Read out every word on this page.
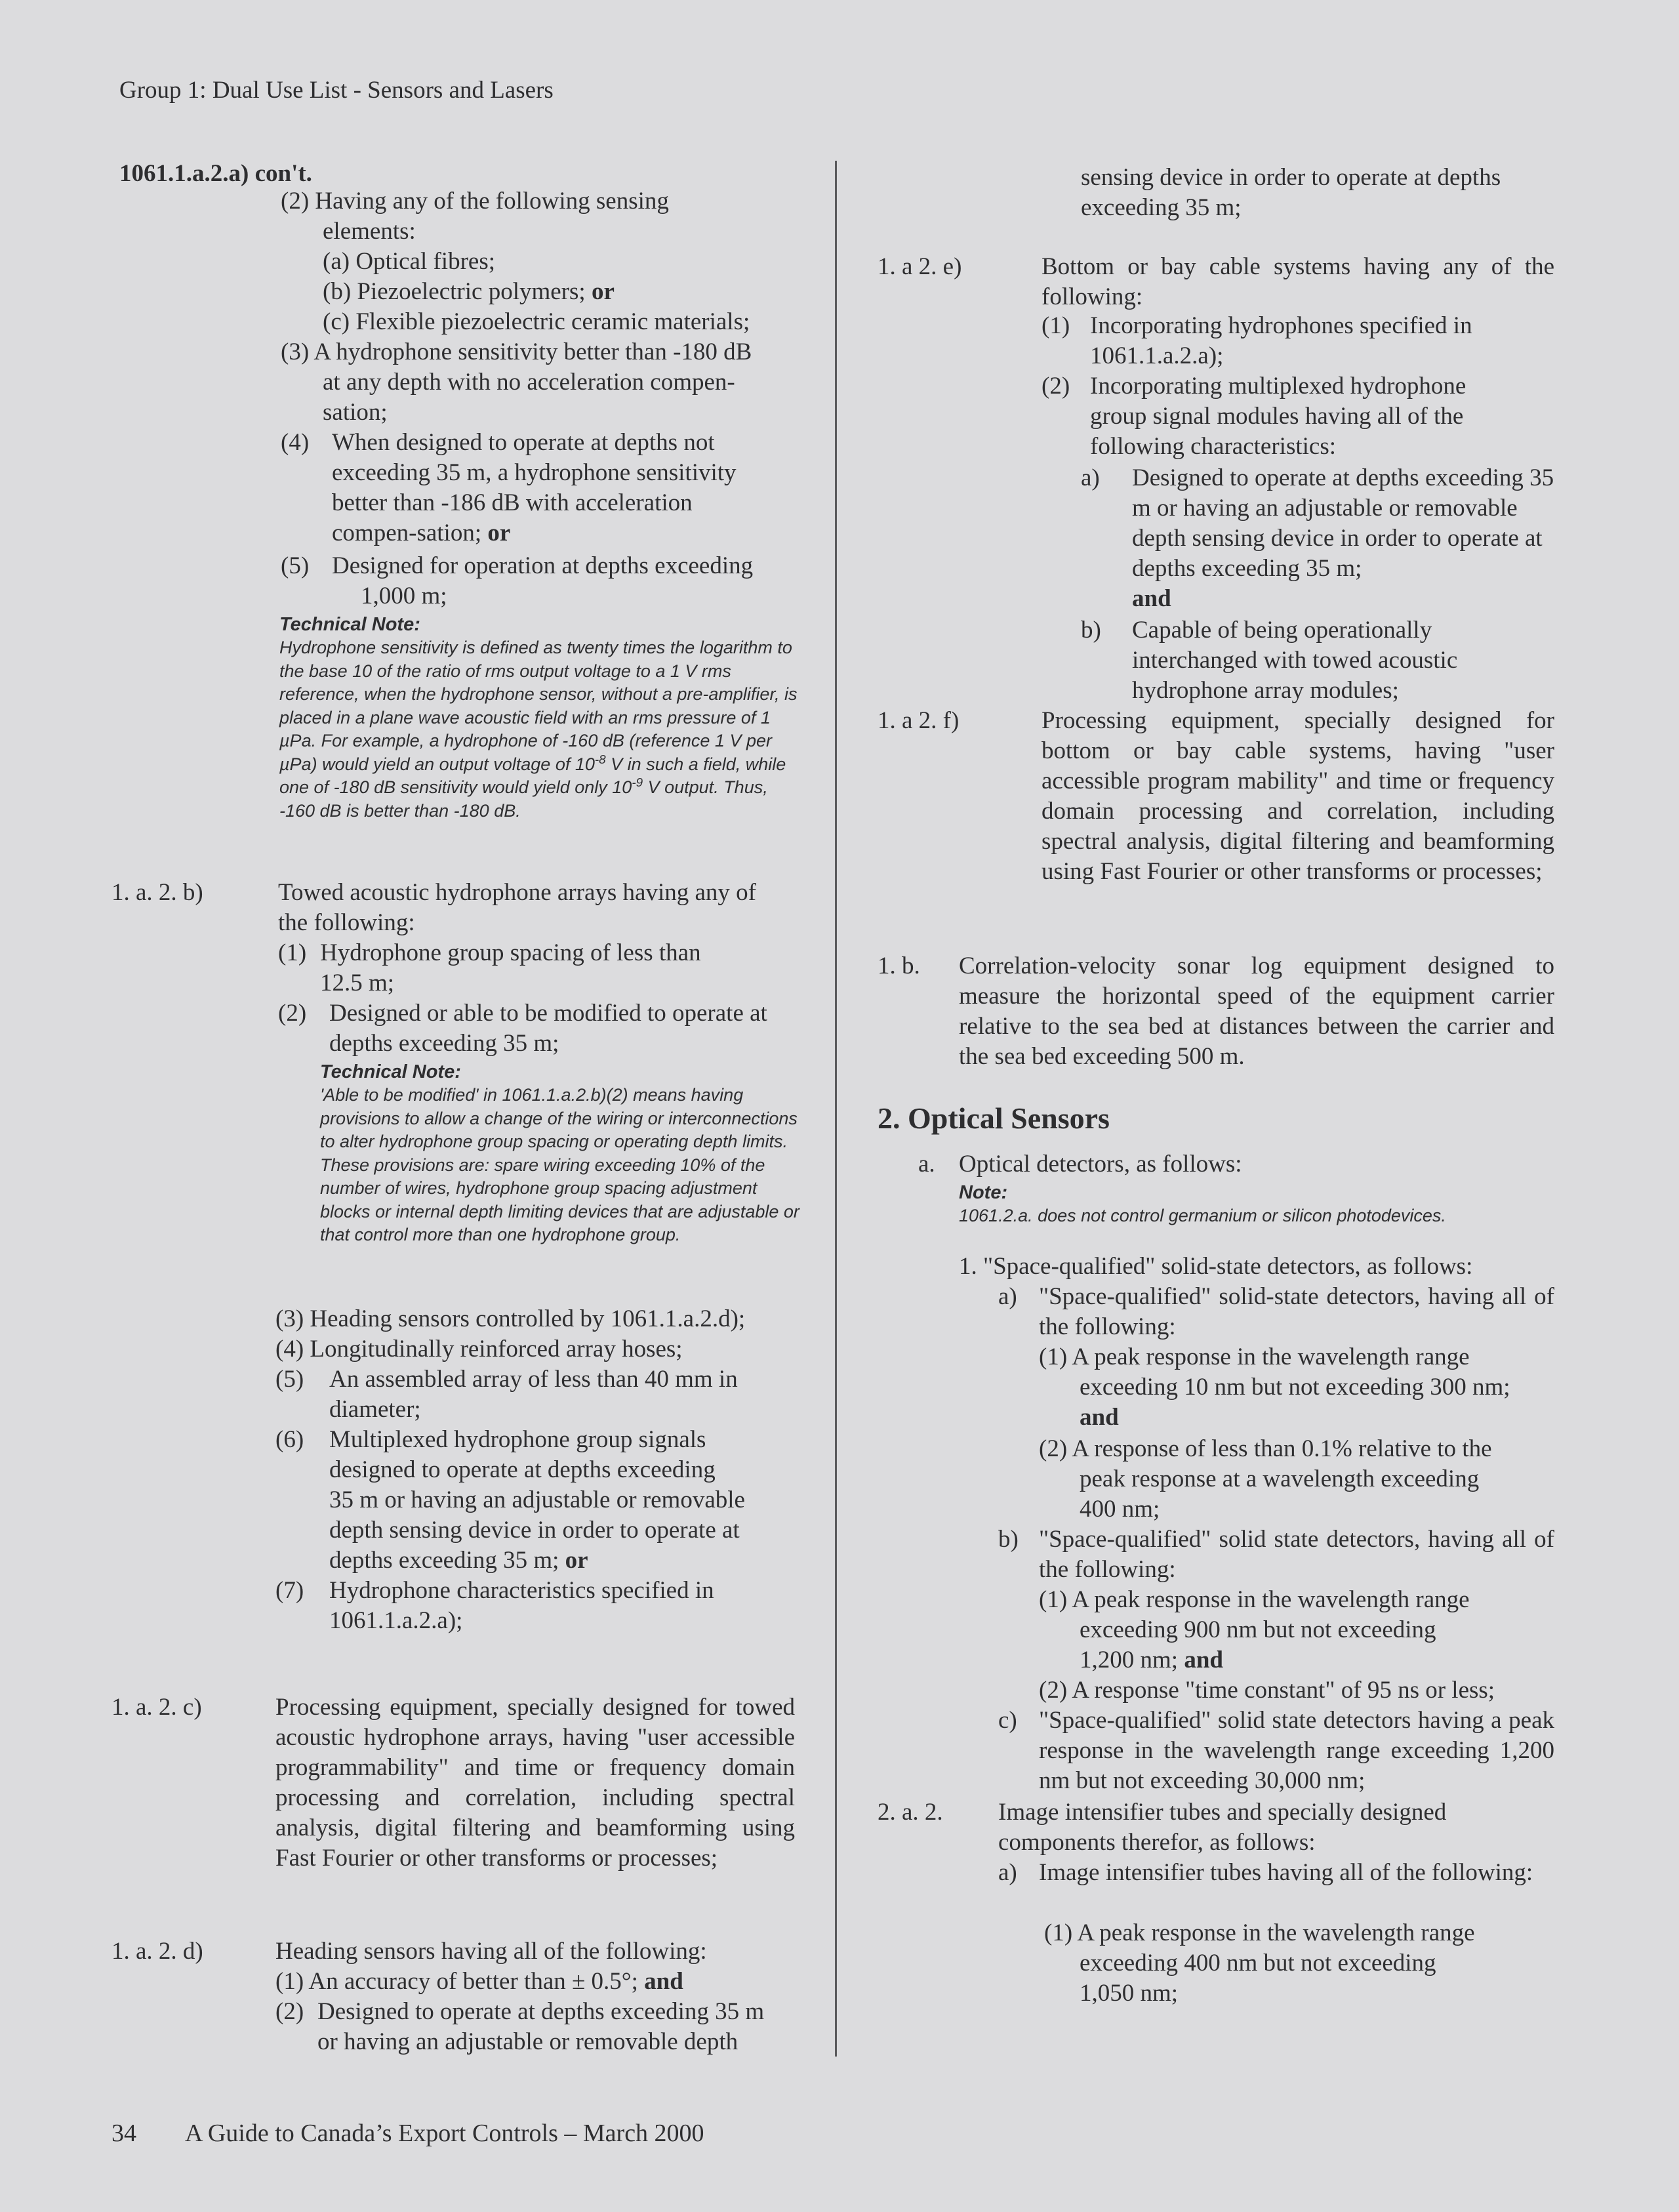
Group 1: Dual Use List - Sensors and Lasers
1061.1.a.2.a) con't.
(2) Having any of the following sensing
elements:
(a) Optical fibres;
(b) Piezoelectric polymers; or
(c) Flexible piezoelectric ceramic materials;
(3) A hydrophone sensitivity better than -180 dB
at any depth with no acceleration compen-
sation;
(4) When designed to operate at depths not
exceeding 35 m, a hydrophone sensitivity
better than -186 dB with acceleration
compen-sation; or
(5) Designed for operation at depths exceeding
1,000 m;
Technical Note:
Hydrophone sensitivity is defined as twenty times the logarithm to the base 10 of the ratio of rms output voltage to a 1 V rms reference, when the hydrophone sensor, without a pre-amplifier, is placed in a plane wave acoustic field with an rms pressure of 1 µPa. For example, a hydrophone of -160 dB (reference 1 V per µPa) would yield an output voltage of $10^{-8}$ V in such a field, while one of -180 dB sensitivity would yield only $10^{-9}$ V output. Thus, -160 dB is better than -180 dB.
1. a. 2. b)	Towed acoustic hydrophone arrays having any of
the following:
(1) Hydrophone group spacing of less than
12.5 m;
(2) Designed or able to be modified to operate at
depths exceeding 35 m;
Technical Note:
'Able to be modified' in 1061.1.a.2.b)(2) means having provisions to allow a change of the wiring or interconnections to alter hydrophone group spacing or operating depth limits. These provisions are: spare wiring exceeding 10% of the number of wires, hydrophone group spacing adjustment blocks or internal depth limiting devices that are adjustable or that control more than one hydrophone group.
(3) Heading sensors controlled by 1061.1.a.2.d);
(4) Longitudinally reinforced array hoses;
(5) An assembled array of less than 40 mm in
diameter;
(6) Multiplexed hydrophone group signals
designed to operate at depths exceeding
35 m or having an adjustable or removable
depth sensing device in order to operate at
depths exceeding 35 m; or
(7) Hydrophone characteristics specified in
1061.1.a.2.a);
1. a. 2. c)	Processing equipment, specially designed for towed acoustic hydrophone arrays, having "user accessible programmability" and time or frequency domain processing and correlation, including spectral analysis, digital filtering and beamforming using Fast Fourier or other transforms or processes;
1. a. 2. d)	Heading sensors having all of the following:
(1) An accuracy of better than ± 0.5°; and
(2) Designed to operate at depths exceeding 35 m
or having an adjustable or removable depth
sensing device in order to operate at depths
exceeding 35 m;
1. a 2. e)	Bottom or bay cable systems having any of the following:
(1) Incorporating hydrophones specified in
1061.1.a.2.a);
(2) Incorporating multiplexed hydrophone
group signal modules having all of the
following characteristics:
a) Designed to operate at depths exceeding 35 m or having an adjustable or removable depth sensing device in order to operate at depths exceeding 35 m;
and
b) Capable of being operationally interchanged with towed acoustic hydrophone array modules;
1. a 2. f)	Processing equipment, specially designed for bottom or bay cable systems, having "user accessible program mability" and time or frequency domain processing and correlation, including spectral analysis, digital filtering and beamforming using Fast Fourier or other transforms or processes;
1. b. Correlation-velocity sonar log equipment designed to measure the horizontal speed of the equipment carrier relative to the sea bed at distances between the carrier and the sea bed exceeding 500 m.
2. Optical Sensors
a. Optical detectors, as follows:
Note:
1061.2.a. does not control germanium or silicon photodevices.
1. "Space-qualified" solid-state detectors, as follows:
a) "Space-qualified" solid-state detectors, having all of the following:
(1) A peak response in the wavelength range
exceeding 10 nm but not exceeding 300 nm;
and
(2) A response of less than 0.1% relative to the
peak response at a wavelength exceeding
400 nm;
b) "Space-qualified" solid state detectors, having all of the following:
(1) A peak response in the wavelength range
exceeding 900 nm but not exceeding
1,200 nm; and
(2) A response "time constant" of 95 ns or less;
c) "Space-qualified" solid state detectors having a peak response in the wavelength range exceeding 1,200 nm but not exceeding 30,000 nm;
2. a. 2. Image intensifier tubes and specially designed
components therefor, as follows:
a) Image intensifier tubes having all of the following:
(1) A peak response in the wavelength range
exceeding 400 nm but not exceeding
1,050 nm;
34 A Guide to Canada’s Export Controls – March 2000
